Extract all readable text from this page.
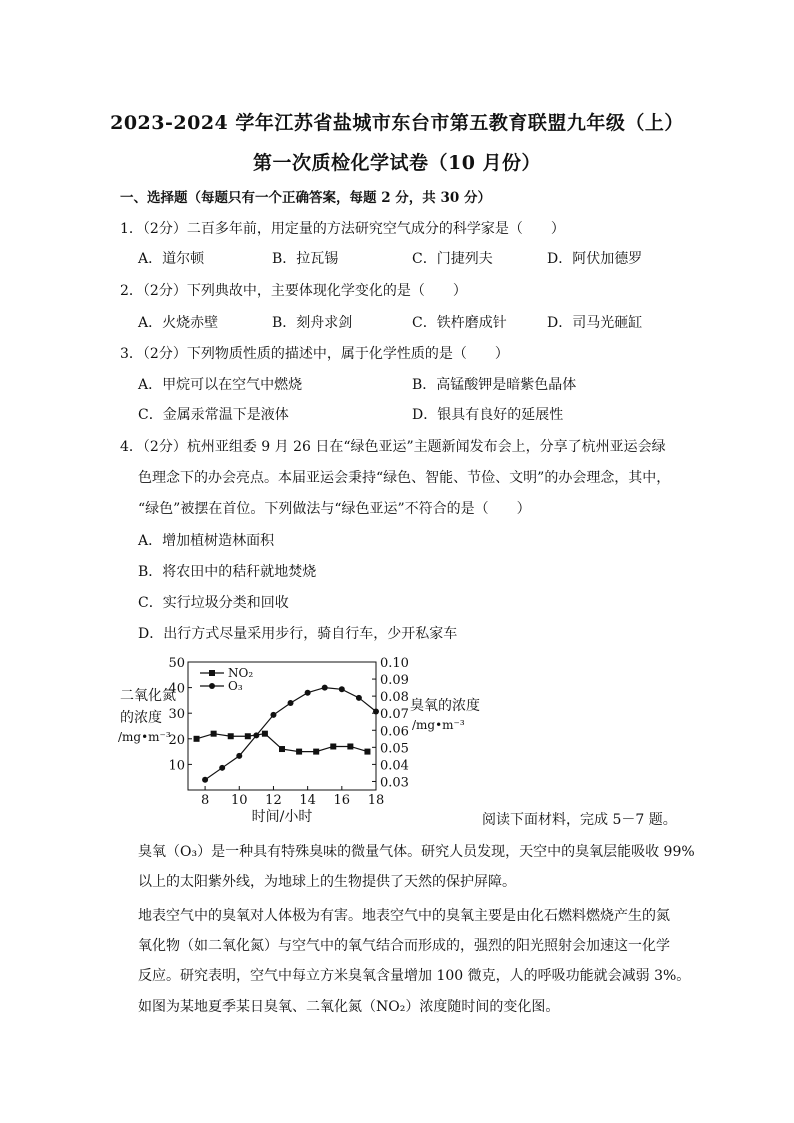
2023-2024 学年江苏省盐城市东台市第五教育联盟九年级（上）
第一次质检化学试卷（10 月份）
一、选择题（每题只有一个正确答案，每题 2 分，共 30 分）
1．（2分）二百多年前，用定量的方法研究空气成分的科学家是（　　）
A．道尔顿	B．拉瓦锡	C．门捷列夫	D．阿伏加德罗
2．（2分）下列典故中，主要体现化学变化的是（　　）
A．火烧赤壁	B．刻舟求剑	C．铁杵磨成针	D．司马光砸缸
3．（2分）下列物质性质的描述中，属于化学性质的是（　　）
A．甲烷可以在空气中燃烧	B．高锰酸钾是暗紫色晶体
C．金属汞常温下是液体	D．银具有良好的延展性
4．（2分）杭州亚组委 9 月 26 日在“绿色亚运”主题新闻发布会上，分享了杭州亚运会绿
色理念下的办会亮点。本届亚运会秉持“绿色、智能、节俭、文明”的办会理念，其中，
“绿色”被摆在首位。下列做法与“绿色亚运”不符合的是（　　）
A．增加植树造林面积
B．将农田中的秸秆就地焚烧
C．实行垃圾分类和回收
D．出行方式尽量采用步行，骑自行车，少开私家车
8 10 12 14 16 18
时间/小时
10
20
30
40
50
0.03
0.04
0.05
0.06
0.07
0.08
0.09
0.10
二氧化氮
的浓度
/mg•m⁻³
臭氧的浓度
/mg•m⁻³
NO₂
O₃
阅读下面材料，完成 5－7 题。
臭氧（O₃）是一种具有特殊臭味的微量气体。研究人员发现，天空中的臭氧层能吸收 99%
以上的太阳紫外线，为地球上的生物提供了天然的保护屏障。
地表空气中的臭氧对人体极为有害。地表空气中的臭氧主要是由化石燃料燃烧产生的氮
氧化物（如二氧化氮）与空气中的氧气结合而形成的，强烈的阳光照射会加速这一化学
反应。研究表明，空气中每立方米臭氧含量增加 100 微克，人的呼吸功能就会减弱 3%。
如图为某地夏季某日臭氧、二氧化氮（NO₂）浓度随时间的变化图。
